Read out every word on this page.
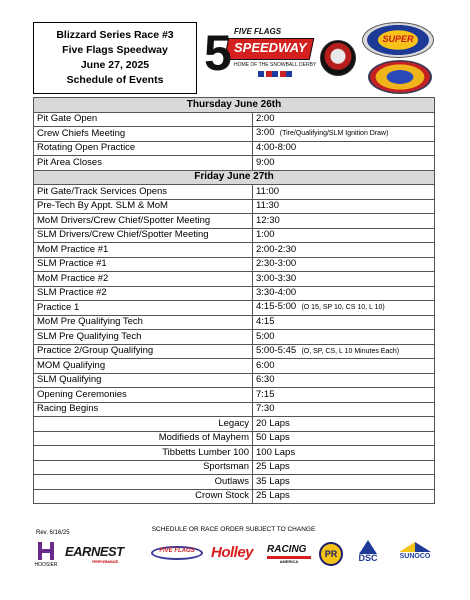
Blizzard Series Race #3
Five Flags Speedway
June 27, 2025
Schedule of Events 5 FIVE FLAGS
SPEEDWAY
HOME OF THE SNOWBALL DERBY
SUPER
Thursday June 26th	
Pit Gate Open	2:00
Crew Chiefs Meeting	3:00 (Tire/Qualifying/SLM Ignition Draw)
Rotating Open Practice	4:00-8:00
Pit Area Closes	9:00
Friday June 27th	
Pit Gate/Track Services Opens	11:00
Pre-Tech By Appt. SLM & MoM	11:30
MoM Drivers/Crew Chief/Spotter Meeting	12:30
SLM Drivers/Crew Chief/Spotter Meeting	1:00
MoM Practice #1	2:00-2:30
SLM Practice #1	2:30-3:00
MoM Practice #2	3:00-3:30
SLM Practice #2	3:30-4:00
Practice 1	4:15-5:00 (O 15, SP 10, CS 10, L 10)
MoM Pre Qualifying Tech	4:15
SLM Pre Qualifying Tech	5:00
Practice 2/Group Qualifying	5:00-5:45 (O, SP, CS, L 10 Minutes Each)
MOM Qualifying	6:00
SLM Qualifying	6:30
Opening Ceremonies	7:15
Racing Begins	7:30
Legacy	20 Laps
Modifieds of Mayhem	50 Laps
Tibbetts Lumber 100	100 Laps
Sportsman	25 Laps
Outlaws	35 Laps
Crown Stock	25 Laps
SCHEDULE OR RACE ORDER SUBJECT TO CHANGE
Rev. 6/16/25
HOOSIER
EARNEST
PERFORMANCE
FIVE FLAGS	Holley	RACING
AMERICA
PR	DSC	SUNOCO
